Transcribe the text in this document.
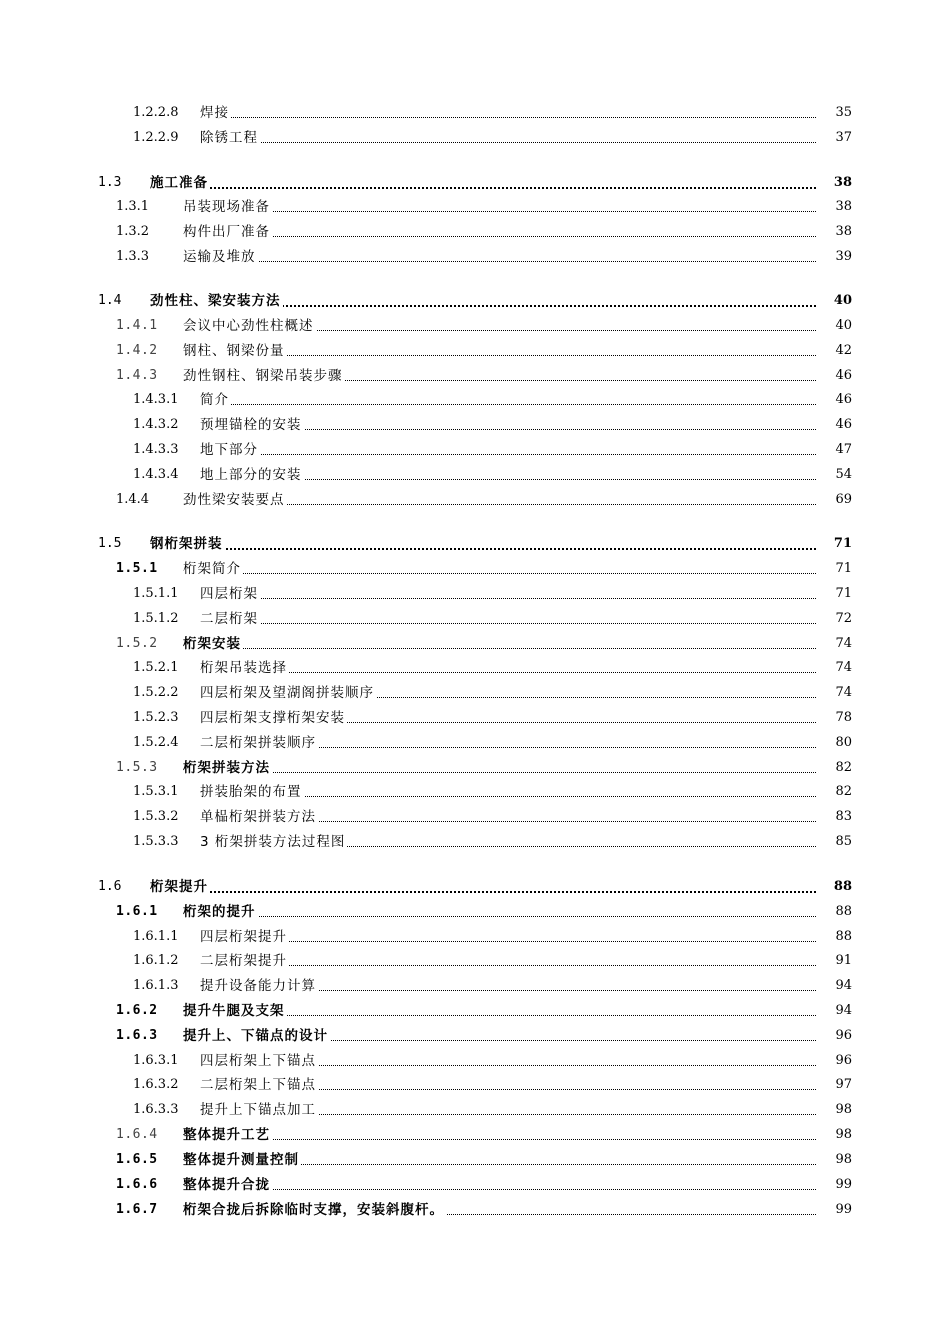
1.2.2.8 焊接	35
1.2.2.9 除锈工程	37
1.3 施工准备	38
1.3.1	吊装现场准备	38
1.3.2	构件出厂准备	38
1.3.3	运输及堆放	39
1.4 劲性柱、梁安装方法	40
1.4.1 会议中心劲性柱概述	40
1.4.2 钢柱、钢梁份量	42
1.4.3 劲性钢柱、钢梁吊装步骤	46
1.4.3.1 简介	46
1.4.3.2 预埋锚栓的安装	46
1.4.3.3 地下部分	47
1.4.3.4 地上部分的安装	54
1.4.4	劲性梁安装要点	69
1.5 钢桁架拼装	71
1.5.1 桁架简介	71
1.5.1.1 四层桁架	71
1.5.1.2 二层桁架	72
1.5.2 桁架安装	74
1.5.2.1 桁架吊装选择	74
1.5.2.2 四层桁架及望湖阁拼装顺序	74
1.5.2.3 四层桁架支撑桁架安装	78
1.5.2.4 二层桁架拼装顺序	80
1.5.3 桁架拼装方法	82
1.5.3.1 拼装胎架的布置	82
1.5.3.2 单榀桁架拼装方法	83
1.5.3.3 3 桁架拼装方法过程图	85
1.6 桁架提升	88
1.6.1 桁架的提升	88
1.6.1.1 四层桁架提升	88
1.6.1.2 二层桁架提升	91
1.6.1.3 提升设备能力计算	94
1.6.2 提升牛腿及支架	94
1.6.3 提升上、下锚点的设计	96
1.6.3.1 四层桁架上下锚点	96
1.6.3.2 二层桁架上下锚点	97
1.6.3.3 提升上下锚点加工	98
1.6.4 整体提升工艺	98
1.6.5 整体提升测量控制	98
1.6.6 整体提升合拢	99
1.6.7 桁架合拢后拆除临时支撑，安装斜腹杆。	99
